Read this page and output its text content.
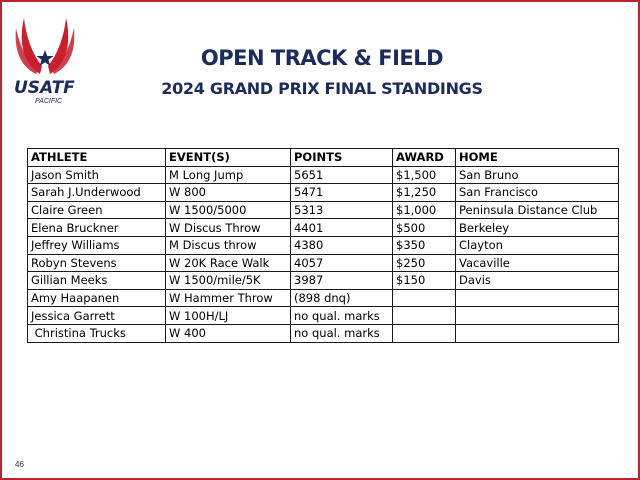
USATF
PACIFIC
OPEN TRACK & FIELD
2024 GRAND PRIX FINAL STANDINGS
ATHLETE	EVENT(S)	POINTS	AWARD	HOME
Jason Smith	M Long Jump	5651	$1,500	San Bruno
Sarah J.Underwood	W 800	5471	$1,250	San Francisco
Claire Green	W 1500/5000	5313	$1,000	Peninsula Distance Club
Elena Bruckner	W Discus Throw	4401	$500	Berkeley
Jeffrey Williams	M Discus throw	4380	$350	Clayton
Robyn Stevens	W 20K Race Walk	4057	$250	Vacaville
Gillian Meeks	W 1500/mile/5K	3987	$150	Davis
Amy Haapanen	W Hammer Throw	(898 dnq)		
Jessica Garrett	W 100H/LJ	no qual. marks		
Christina Trucks	W 400	no qual. marks		
46
